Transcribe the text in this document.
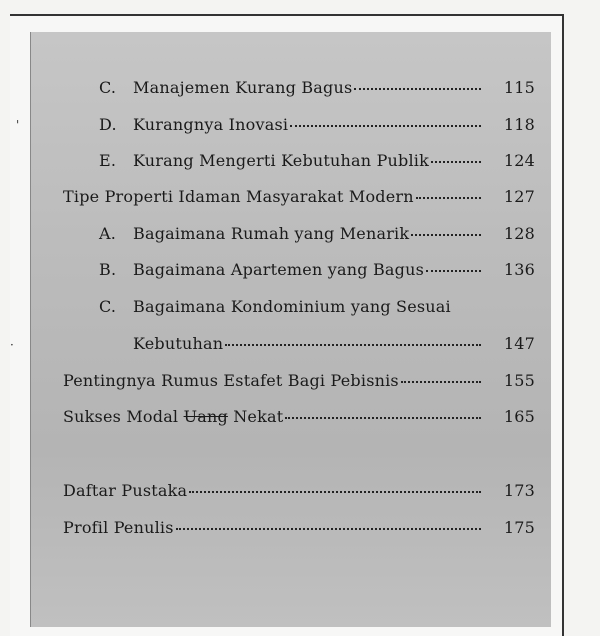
'
·
C.	Manajemen Kurang Bagus	115
D.	Kurangnya Inovasi	118
E.	Kurang Mengerti Kebutuhan Publik	124
Tipe Properti Idaman Masyarakat Modern	127
A.	Bagaimana Rumah yang Menarik	128
B.	Bagaimana Apartemen yang Bagus	136
C.	Bagaimana Kondominium yang Sesuai
Kebutuhan	147
Pentingnya Rumus Estafet Bagi Pebisnis	155
Sukses Modal Uang Nekat	165
Daftar Pustaka	173
Profil Penulis	175
